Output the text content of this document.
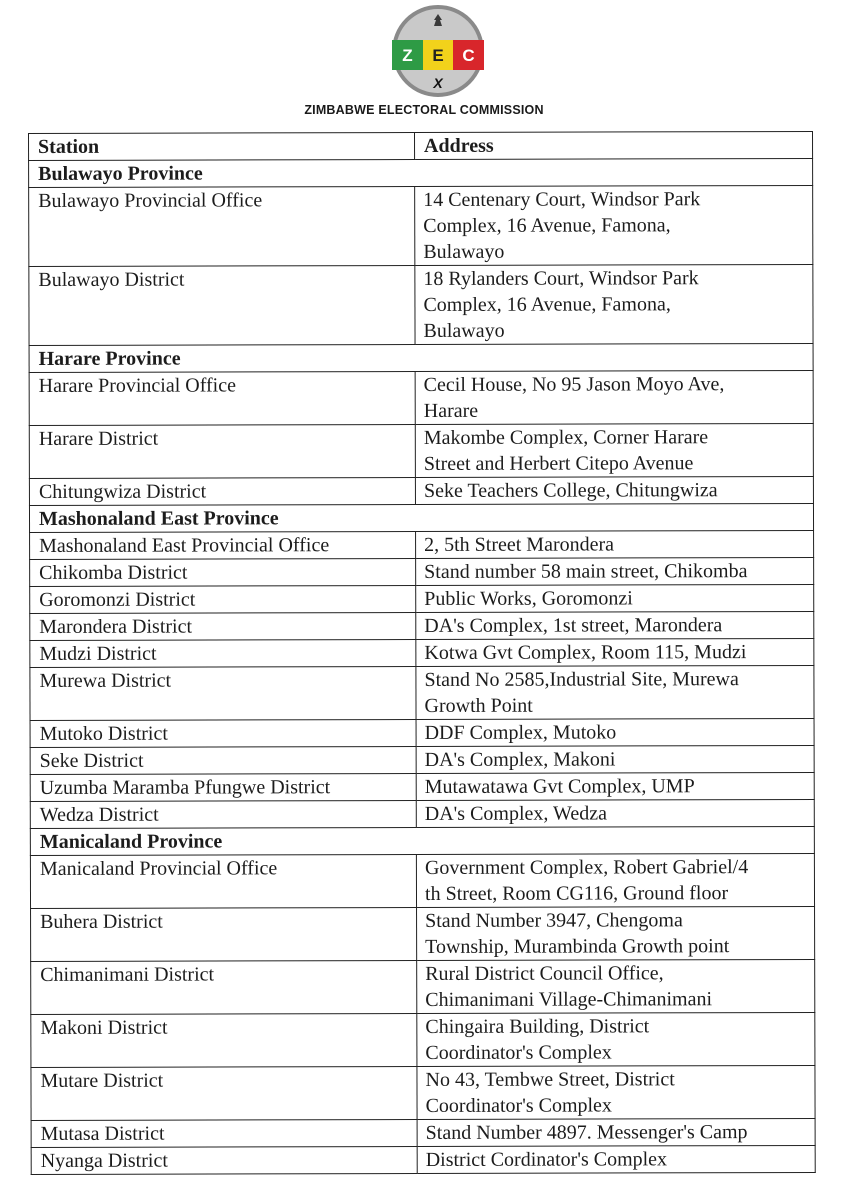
Z E C
X
ZIMBABWE ELECTORAL COMMISSION
Station	Address
Bulawayo Province	
Bulawayo Provincial Office	14 Centenary Court, Windsor Park
Complex, 16 Avenue, Famona,
Bulawayo

Bulawayo District	18 Rylanders Court, Windsor Park
Complex, 16 Avenue, Famona,
Bulawayo

Harare Province	
Harare Provincial Office	Cecil House, No 95 Jason Moyo Ave,
Harare

Harare District	Makombe Complex, Corner Harare
Street and Herbert Citepo Avenue

Chitungwiza District	Seke Teachers College, Chitungwiza

Mashonaland East Province	
Mashonaland East Provincial Office	2, 5th Street Marondera

Chikomba District	Stand number 58 main street, Chikomba

Goromonzi District	Public Works, Goromonzi

Marondera District	DA's Complex, 1st street, Marondera

Mudzi District	Kotwa Gvt Complex, Room 115, Mudzi

Murewa District	Stand No 2585,Industrial Site, Murewa
Growth Point

Mutoko District	DDF Complex, Mutoko

Seke District	DA's Complex, Makoni

Uzumba Maramba Pfungwe District	Mutawatawa Gvt Complex, UMP

Wedza District	DA's Complex, Wedza

Manicaland Province	
Manicaland Provincial Office	Government Complex, Robert Gabriel/4
th Street, Room CG116, Ground floor

Buhera District	Stand Number 3947, Chengoma
Township, Murambinda Growth point

Chimanimani District	Rural District Council Office,
Chimanimani Village-Chimanimani

Makoni District	Chingaira Building, District
Coordinator's Complex

Mutare District	No 43, Tembwe Street, District
Coordinator's Complex

Mutasa District	Stand Number 4897. Messenger's Camp

Nyanga District	District Cordinator's Complex
